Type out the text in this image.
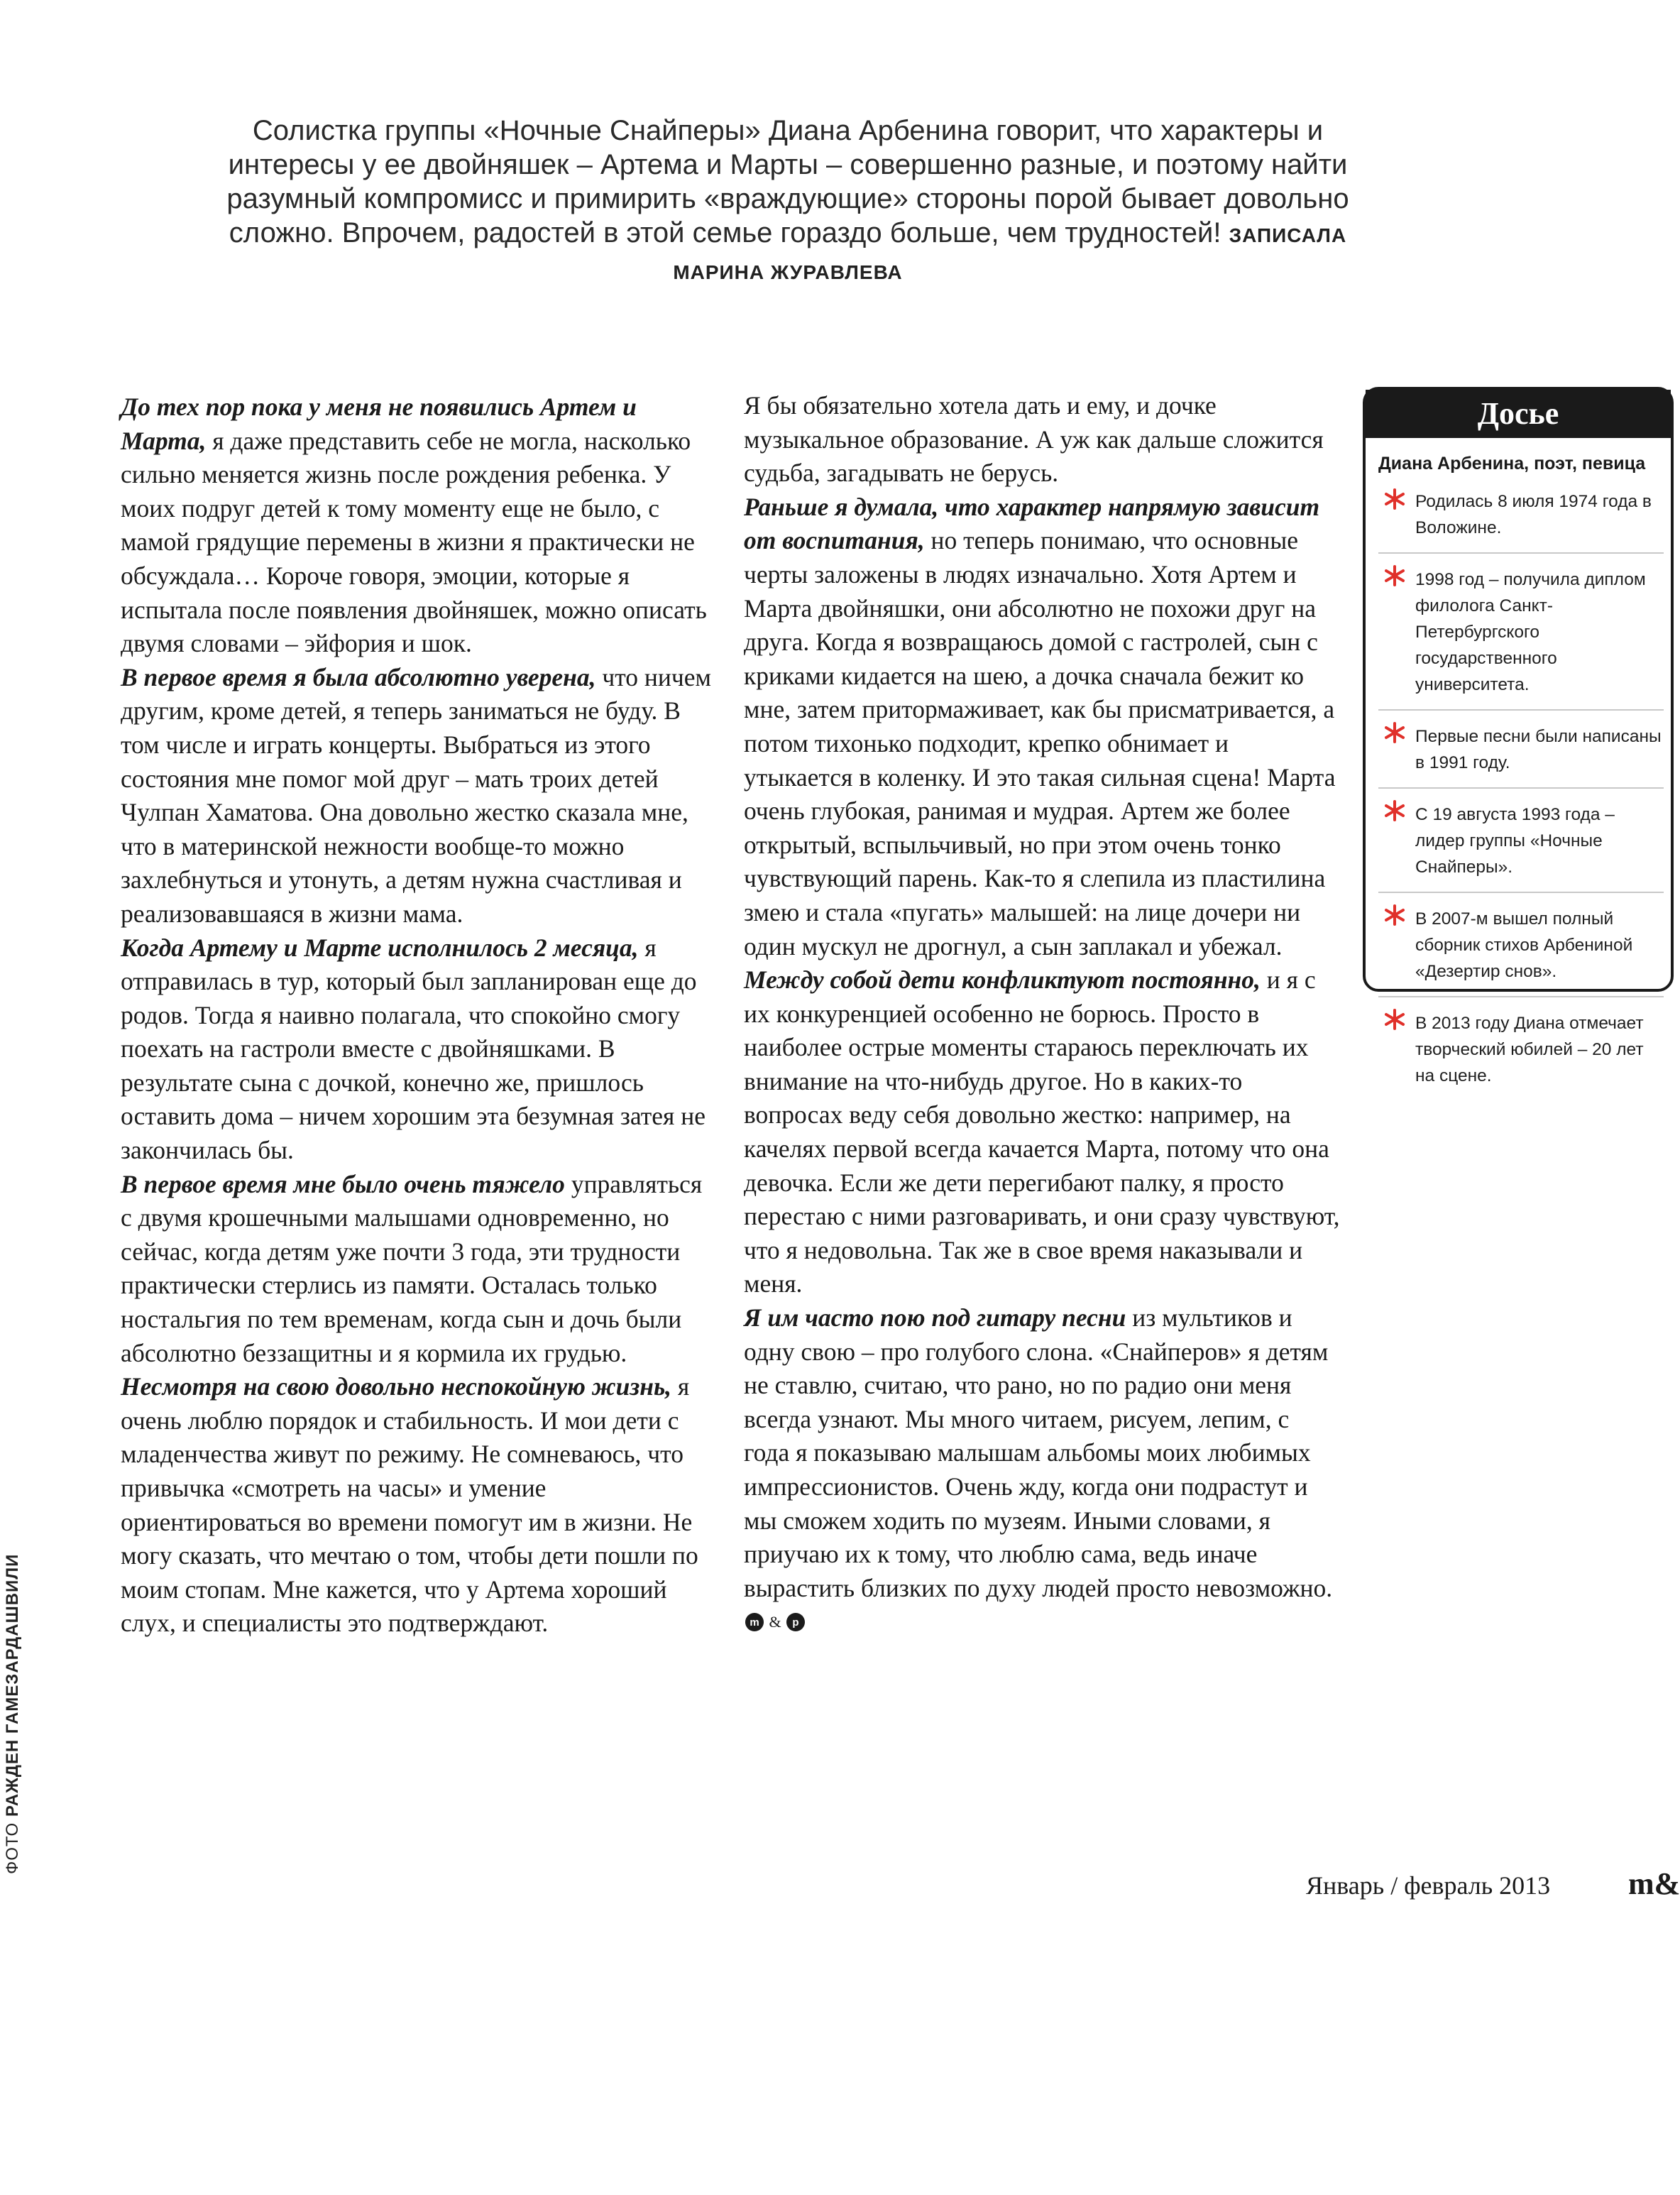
Солистка группы «Ночные Снайперы» Диана Арбенина говорит, что характеры и интересы у ее двойняшек – Артема и Марты – совершенно разные, и поэтому найти разумный компромисс и примирить «враждующие» стороны порой бывает довольно сложно. Впрочем, радостей в этой семье гораздо больше, чем трудностей! ЗАПИСАЛА МАРИНА ЖУРАВЛЕВА

До тех пор пока у меня не появились Артем и Марта, я даже представить себе не могла, насколько сильно меняется жизнь после рождения ребенка. У моих подруг детей к тому моменту еще не было, с мамой грядущие перемены в жизни я практически не обсуждала… Короче говоря, эмоции, которые я испытала после появления двойняшек, можно описать двумя словами – эйфория и шок.

В первое время я была абсолютно уверена, что ничем другим, кроме детей, я теперь заниматься не буду. В том числе и играть концерты. Выбраться из этого состояния мне помог мой друг – мать троих детей Чулпан Хаматова. Она довольно жестко сказала мне, что в материнской нежности вообще-то можно захлебнуться и утонуть, а детям нужна счастливая и реализовавшаяся в жизни мама.

Когда Артему и Марте исполнилось 2 месяца, я отправилась в тур, который был запланирован еще до родов. Тогда я наивно полагала, что спокойно смогу поехать на гастроли вместе с двойняшками. В результате сына с дочкой, конечно же, пришлось оставить дома – ничем хорошим эта безумная затея не закончилась бы.

В первое время мне было очень тяжело управляться с двумя крошечными малышами одновременно, но сейчас, когда детям уже почти 3 года, эти трудности практически стерлись из памяти. Осталась только ностальгия по тем временам, когда сын и дочь были абсолютно беззащитны и я кормила их грудью.

Несмотря на свою довольно неспокойную жизнь, я очень люблю порядок и стабильность. И мои дети с младенчества живут по режиму. Не сомневаюсь, что привычка «смотреть на часы» и умение ориентироваться во времени помогут им в жизни. Не могу сказать, что мечтаю о том, чтобы дети пошли по моим стопам. Мне кажется, что у Артема хороший слух, и специалисты это подтверждают.

Я бы обязательно хотела дать и ему, и дочке музыкальное образование. А уж как дальше сложится судьба, загадывать не берусь.

Раньше я думала, что характер напрямую зависит от воспитания, но теперь понимаю, что основные черты заложены в людях изначально. Хотя Артем и Марта двойняшки, они абсолютно не похожи друг на друга. Когда я возвращаюсь домой с гастролей, сын с криками кидается на шею, а дочка сначала бежит ко мне, затем притормаживает, как бы присматривается, а потом тихонько подходит, крепко обнимает и утыкается в коленку. И это такая сильная сцена! Марта очень глубокая, ранимая и мудрая. Артем же более открытый, вспыльчивый, но при этом очень тонко чувствующий парень. Как-то я слепила из пластилина змею и стала «пугать» малышей: на лице дочери ни один мускул не дрогнул, а сын заплакал и убежал.

Между собой дети конфликтуют постоянно, и я с их конкуренцией особенно не борюсь. Просто в наиболее острые моменты стараюсь переключать их внимание на что-нибудь другое. Но в каких-то вопросах веду себя довольно жестко: например, на качелях первой всегда качается Марта, потому что она девочка. Если же дети перегибают палку, я просто перестаю с ними разговаривать, и они сразу чувствуют, что я недовольна. Так же в свое время наказывали и меня.

Я им часто пою под гитару песни из мультиков и одну свою – про голубого слона. «Снайперов» я детям не ставлю, считаю, что рано, но по радио они меня всегда узнают. Мы много читаем, рисуем, лепим, с года я показываю малышам альбомы моих любимых импрессионистов. Очень жду, когда они подрастут и мы сможем ходить по музеям. Иными словами, я приучаю их к тому, что люблю сама, ведь иначе вырастить близких по духу людей просто невозможно.
m & p

Досье
Диана Арбенина, поэт, певица
Родилась 8 июля 1974 года в Воложине.
1998 год – получила диплом филолога Санкт-Петербургского государственного университета.
Первые песни были написаны в 1991 году.
С 19 августа 1993 года – лидер группы «Ночные Снайперы».
В 2007-м вышел полный сборник стихов Арбениной «Дезертир снов».
В 2013 году Диана отмечает творческий юбилей – 20 лет на сцене.
ФОТО РАЖДЕН ГАМЕЗАРДАШВИЛИ
Январь / февраль 2013	m&
